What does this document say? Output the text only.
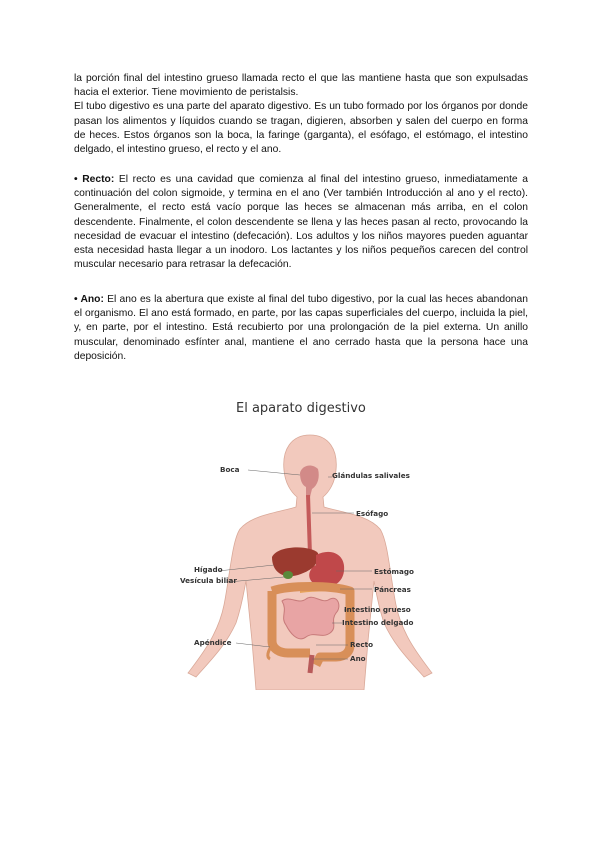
la porción final del intestino grueso llamada recto el que las mantiene hasta que son expulsadas hacia el exterior. Tiene movimiento de peristalsis.

El tubo digestivo es una parte del aparato digestivo. Es un tubo formado por los órganos por donde pasan los alimentos y líquidos cuando se tragan, digieren, absorben y salen del cuerpo en forma de heces. Estos órganos son la boca, la faringe (garganta), el esófago, el estómago, el intestino delgado, el intestino grueso, el recto y el ano.

• Recto: El recto es una cavidad que comienza al final del intestino grueso, inmediatamente a continuación del colon sigmoide, y termina en el ano (Ver también Introducción al ano y el recto). Generalmente, el recto está vacío porque las heces se almacenan más arriba, en el colon descendente. Finalmente, el colon descendente se llena y las heces pasan al recto, provocando la necesidad de evacuar el intestino (defecación). Los adultos y los niños mayores pueden aguantar esta necesidad hasta llegar a un inodoro. Los lactantes y los niños pequeños carecen del control muscular necesario para retrasar la defecación.

• Ano: El ano es la abertura que existe al final del tubo digestivo, por la cual las heces abandonan el organismo. El ano está formado, en parte, por las capas superficiales del cuerpo, incluida la piel, y, en parte, por el intestino. Está recubierto por una prolongación de la piel externa. Un anillo muscular, denominado esfínter anal, mantiene el ano cerrado hasta que la persona hace una deposición.

El aparato digestivo
Boca
Glándulas salivales
Esófago
Hígado
Vesícula biliar
Estómago
Páncreas
Intestino grueso
Intestino delgado
Apéndice	Recto
Ano
